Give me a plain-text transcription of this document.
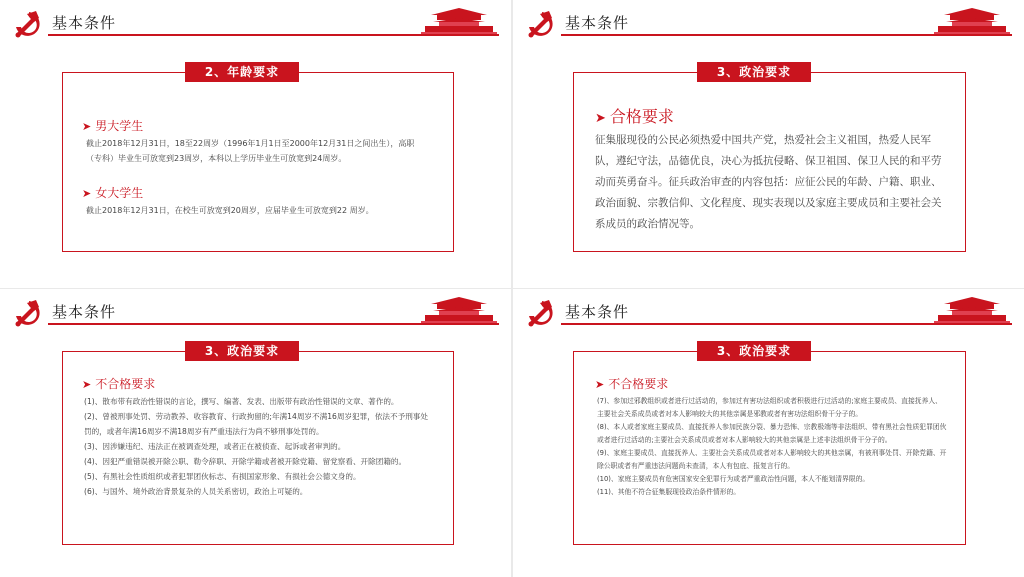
基本条件
2、年龄要求
➤ 男大学生
截止2018年12月31日，18至22周岁（1996年1月1日至2000年12月31日之间出生），高职（专科）毕业生可放宽到23周岁，本科以上学历毕业生可放宽到24周岁。
➤ 女大学生
截止2018年12月31日，在校生可放宽到20周岁，应届毕业生可放宽到22 周岁。
基本条件
3、政治要求
➤ 合格要求
征集服现役的公民必须热爱中国共产党，热爱社会主义祖国，热爱人民军队，遵纪守法，品德优良，决心为抵抗侵略、保卫祖国、保卫人民的和平劳动而英勇奋斗。征兵政治审查的内容包括：应征公民的年龄、户籍、职业、政治面貌、宗教信仰、文化程度、现实表现以及家庭主要成员和主要社会关系成员的政治情况等。
基本条件
3、政治要求
➤ 不合格要求

(1)、散布带有政治性错误的言论，撰写、编著、发表、出版带有政治性错误的文章、著作的。

(2)、曾被刑事处罚、劳动教养、收容教育、行政拘留的;年满14周岁不满16周岁犯罪，依法不予刑事处罚的，或者年满16周岁不满18周岁有严重违法行为尚不够刑事处罚的。

(3)、因涉嫌违纪、违法正在被调查处理，或者正在被侦查、起诉或者审判的。

(4)、因犯严重错误被开除公职、勒令辞职、开除学籍或者被开除党籍、留党察看、开除团籍的。

(5)、有黑社会性质组织或者犯罪团伙标志、有损国家形象、有损社会公德文身的。

(6)、与国外、境外政治背景复杂的人员关系密切，政治上可疑的。

基本条件
3、政治要求
➤ 不合格要求

(7)、参加过邪教组织或者进行过活动的，参加过有害功法组织或者积极进行过活动的;家庭主要成员、直接抚养人、主要社会关系成员或者对本人影响较大的其他亲属是邪教或者有害功法组织骨干分子的。

(8)、本人或者家庭主要成员、直接抚养人参加民族分裂、暴力恐怖、宗教极端等非法组织、带有黑社会性质犯罪团伙或者进行过活动的;主要社会关系成员或者对本人影响较大的其他亲属是上述非法组织骨干分子的。

(9)、家庭主要成员、直接抚养人、主要社会关系成员或者对本人影响较大的其他亲属，有被刑事处罚、开除党籍、开除公职或者有严重违法问题尚未查清，本人有包庇、报复言行的。

(10)、家庭主要成员有危害国家安全犯罪行为或者严重政治性问题，本人不能划清界限的。

(11)、其他不符合征集服现役政治条件情形的。
